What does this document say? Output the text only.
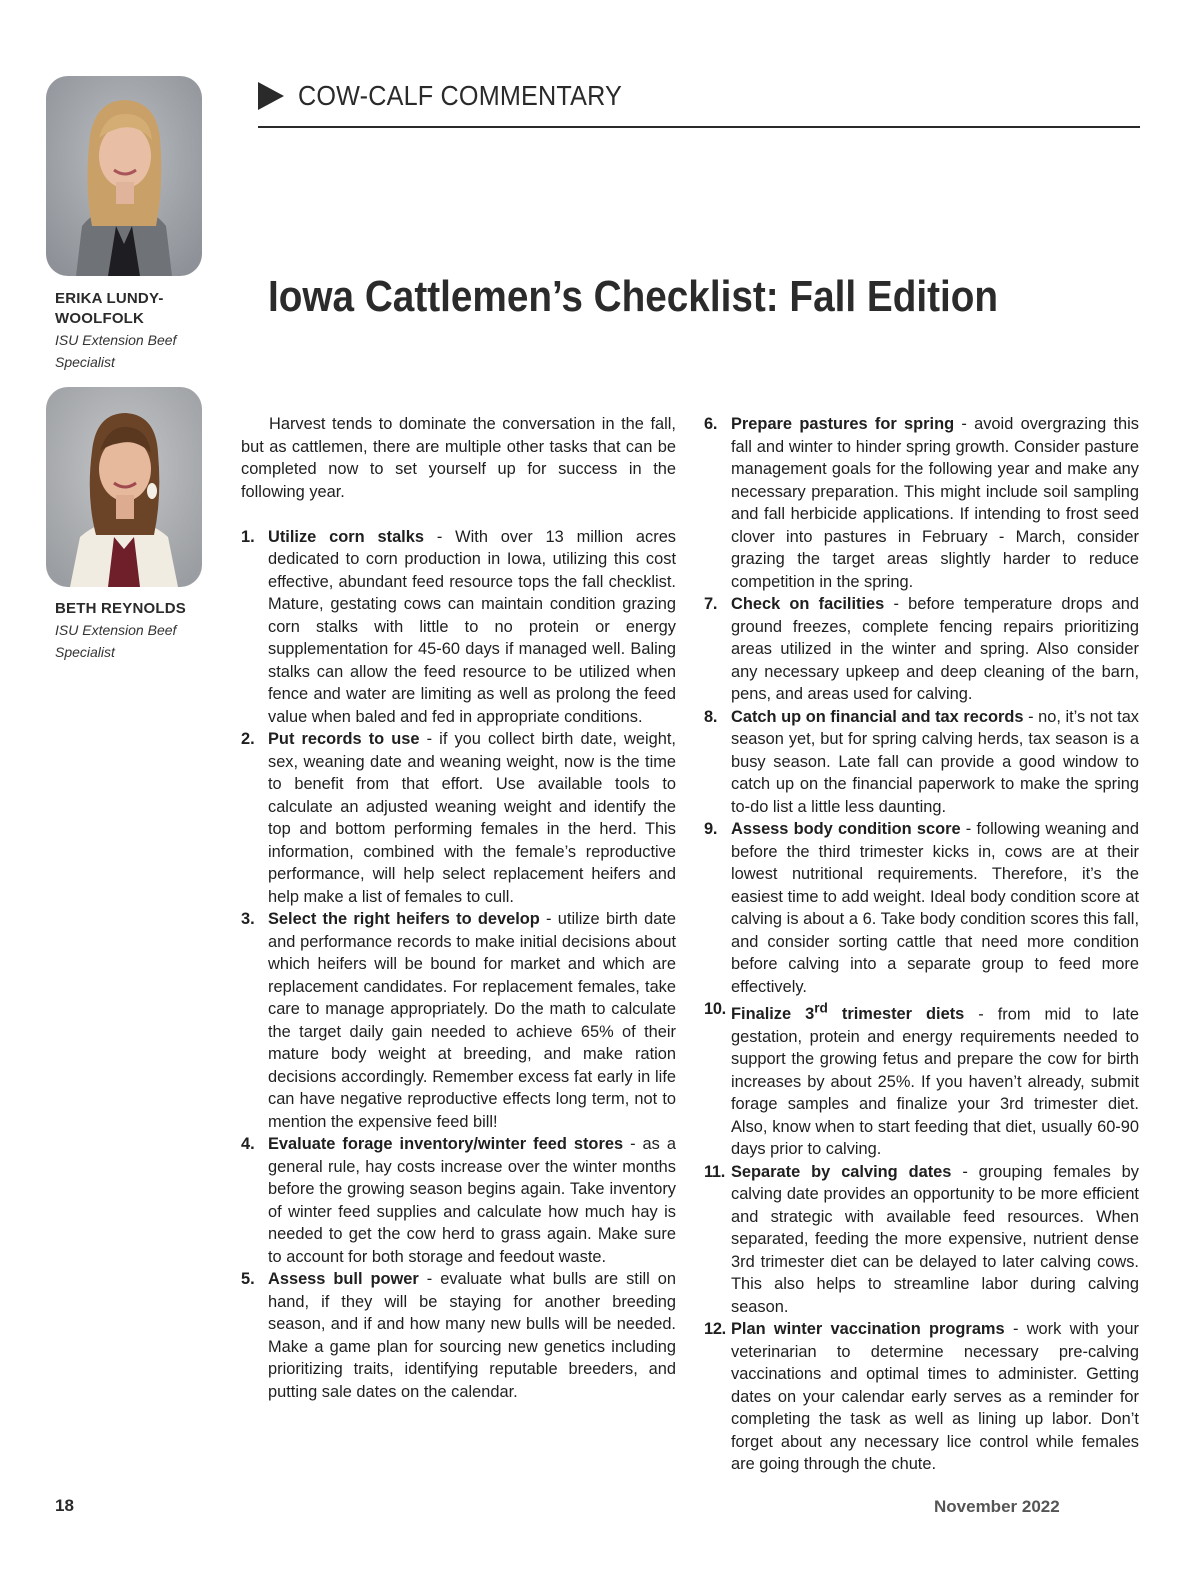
ERIKA LUNDY-WOOLFOLK
ISU Extension Beef Specialist
BETH REYNOLDS
ISU Extension Beef Specialist
COW-CALF COMMENTARY
Iowa Cattlemen’s Checklist: Fall Edition

Harvest tends to dominate the conversation in the fall, but as cattlemen, there are multiple other tasks that can be completed now to set yourself up for success in the following year.

1. Utilize corn stalks - With over 13 million acres dedicated to corn production in Iowa, utilizing this cost effective, abundant feed resource tops the fall checklist. Mature, gestating cows can maintain condition grazing corn stalks with little to no protein or energy supplementation for 45-60 days if managed well. Baling stalks can allow the feed resource to be utilized when fence and water are limiting as well as prolong the feed value when baled and fed in appropriate conditions.
2. Put records to use - if you collect birth date, weight, sex, weaning date and weaning weight, now is the time to benefit from that effort. Use available tools to calculate an adjusted weaning weight and identify the top and bottom performing females in the herd. This information, combined with the female’s reproductive performance, will help select replacement heifers and help make a list of females to cull.
3. Select the right heifers to develop - utilize birth date and performance records to make initial decisions about which heifers will be bound for market and which are replacement candidates. For replacement females, take care to manage appropriately. Do the math to calculate the target daily gain needed to achieve 65% of their mature body weight at breeding, and make ration decisions accordingly. Remember excess fat early in life can have negative reproductive effects long term, not to mention the expensive feed bill!
4. Evaluate forage inventory/winter feed stores - as a general rule, hay costs increase over the winter months before the growing season begins again. Take inventory of winter feed supplies and calculate how much hay is needed to get the cow herd to grass again. Make sure to account for both storage and feedout waste.
5. Assess bull power - evaluate what bulls are still on hand, if they will be staying for another breeding season, and if and how many new bulls will be needed. Make a game plan for sourcing new genetics including prioritizing traits, identifying reputable breeders, and putting sale dates on the calendar.
6. Prepare pastures for spring - avoid overgrazing this fall and winter to hinder spring growth. Consider pasture management goals for the following year and make any necessary preparation. This might include soil sampling and fall herbicide applications. If intending to frost seed clover into pastures in February - March, consider grazing the target areas slightly harder to reduce competition in the spring.
7. Check on facilities - before temperature drops and ground freezes, complete fencing repairs prioritizing areas utilized in the winter and spring. Also consider any necessary upkeep and deep cleaning of the barn, pens, and areas used for calving.
8. Catch up on financial and tax records - no, it’s not tax season yet, but for spring calving herds, tax season is a busy season. Late fall can provide a good window to catch up on the financial paperwork to make the spring to-do list a little less daunting.
9. Assess body condition score - following weaning and before the third trimester kicks in, cows are at their lowest nutritional requirements. Therefore, it’s the easiest time to add weight. Ideal body condition score at calving is about a 6. Take body condition scores this fall, and consider sorting cattle that need more condition before calving into a separate group to feed more effectively.
10. Finalize 3rd trimester diets - from mid to late gestation, protein and energy requirements needed to support the growing fetus and prepare the cow for birth increases by about 25%. If you haven’t already, submit forage samples and finalize your 3rd trimester diet. Also, know when to start feeding that diet, usually 60-90 days prior to calving.
11. Separate by calving dates - grouping females by calving date provides an opportunity to be more efficient and strategic with available feed resources. When separated, feeding the more expensive, nutrient dense 3rd trimester diet can be delayed to later calving cows. This also helps to streamline labor during calving season.
12. Plan winter vaccination programs - work with your veterinarian to determine necessary pre-calving vaccinations and optimal times to administer. Getting dates on your calendar early serves as a reminder for completing the task as well as lining up labor. Don’t forget about any necessary lice control while females are going through the chute.
18	November 2022
